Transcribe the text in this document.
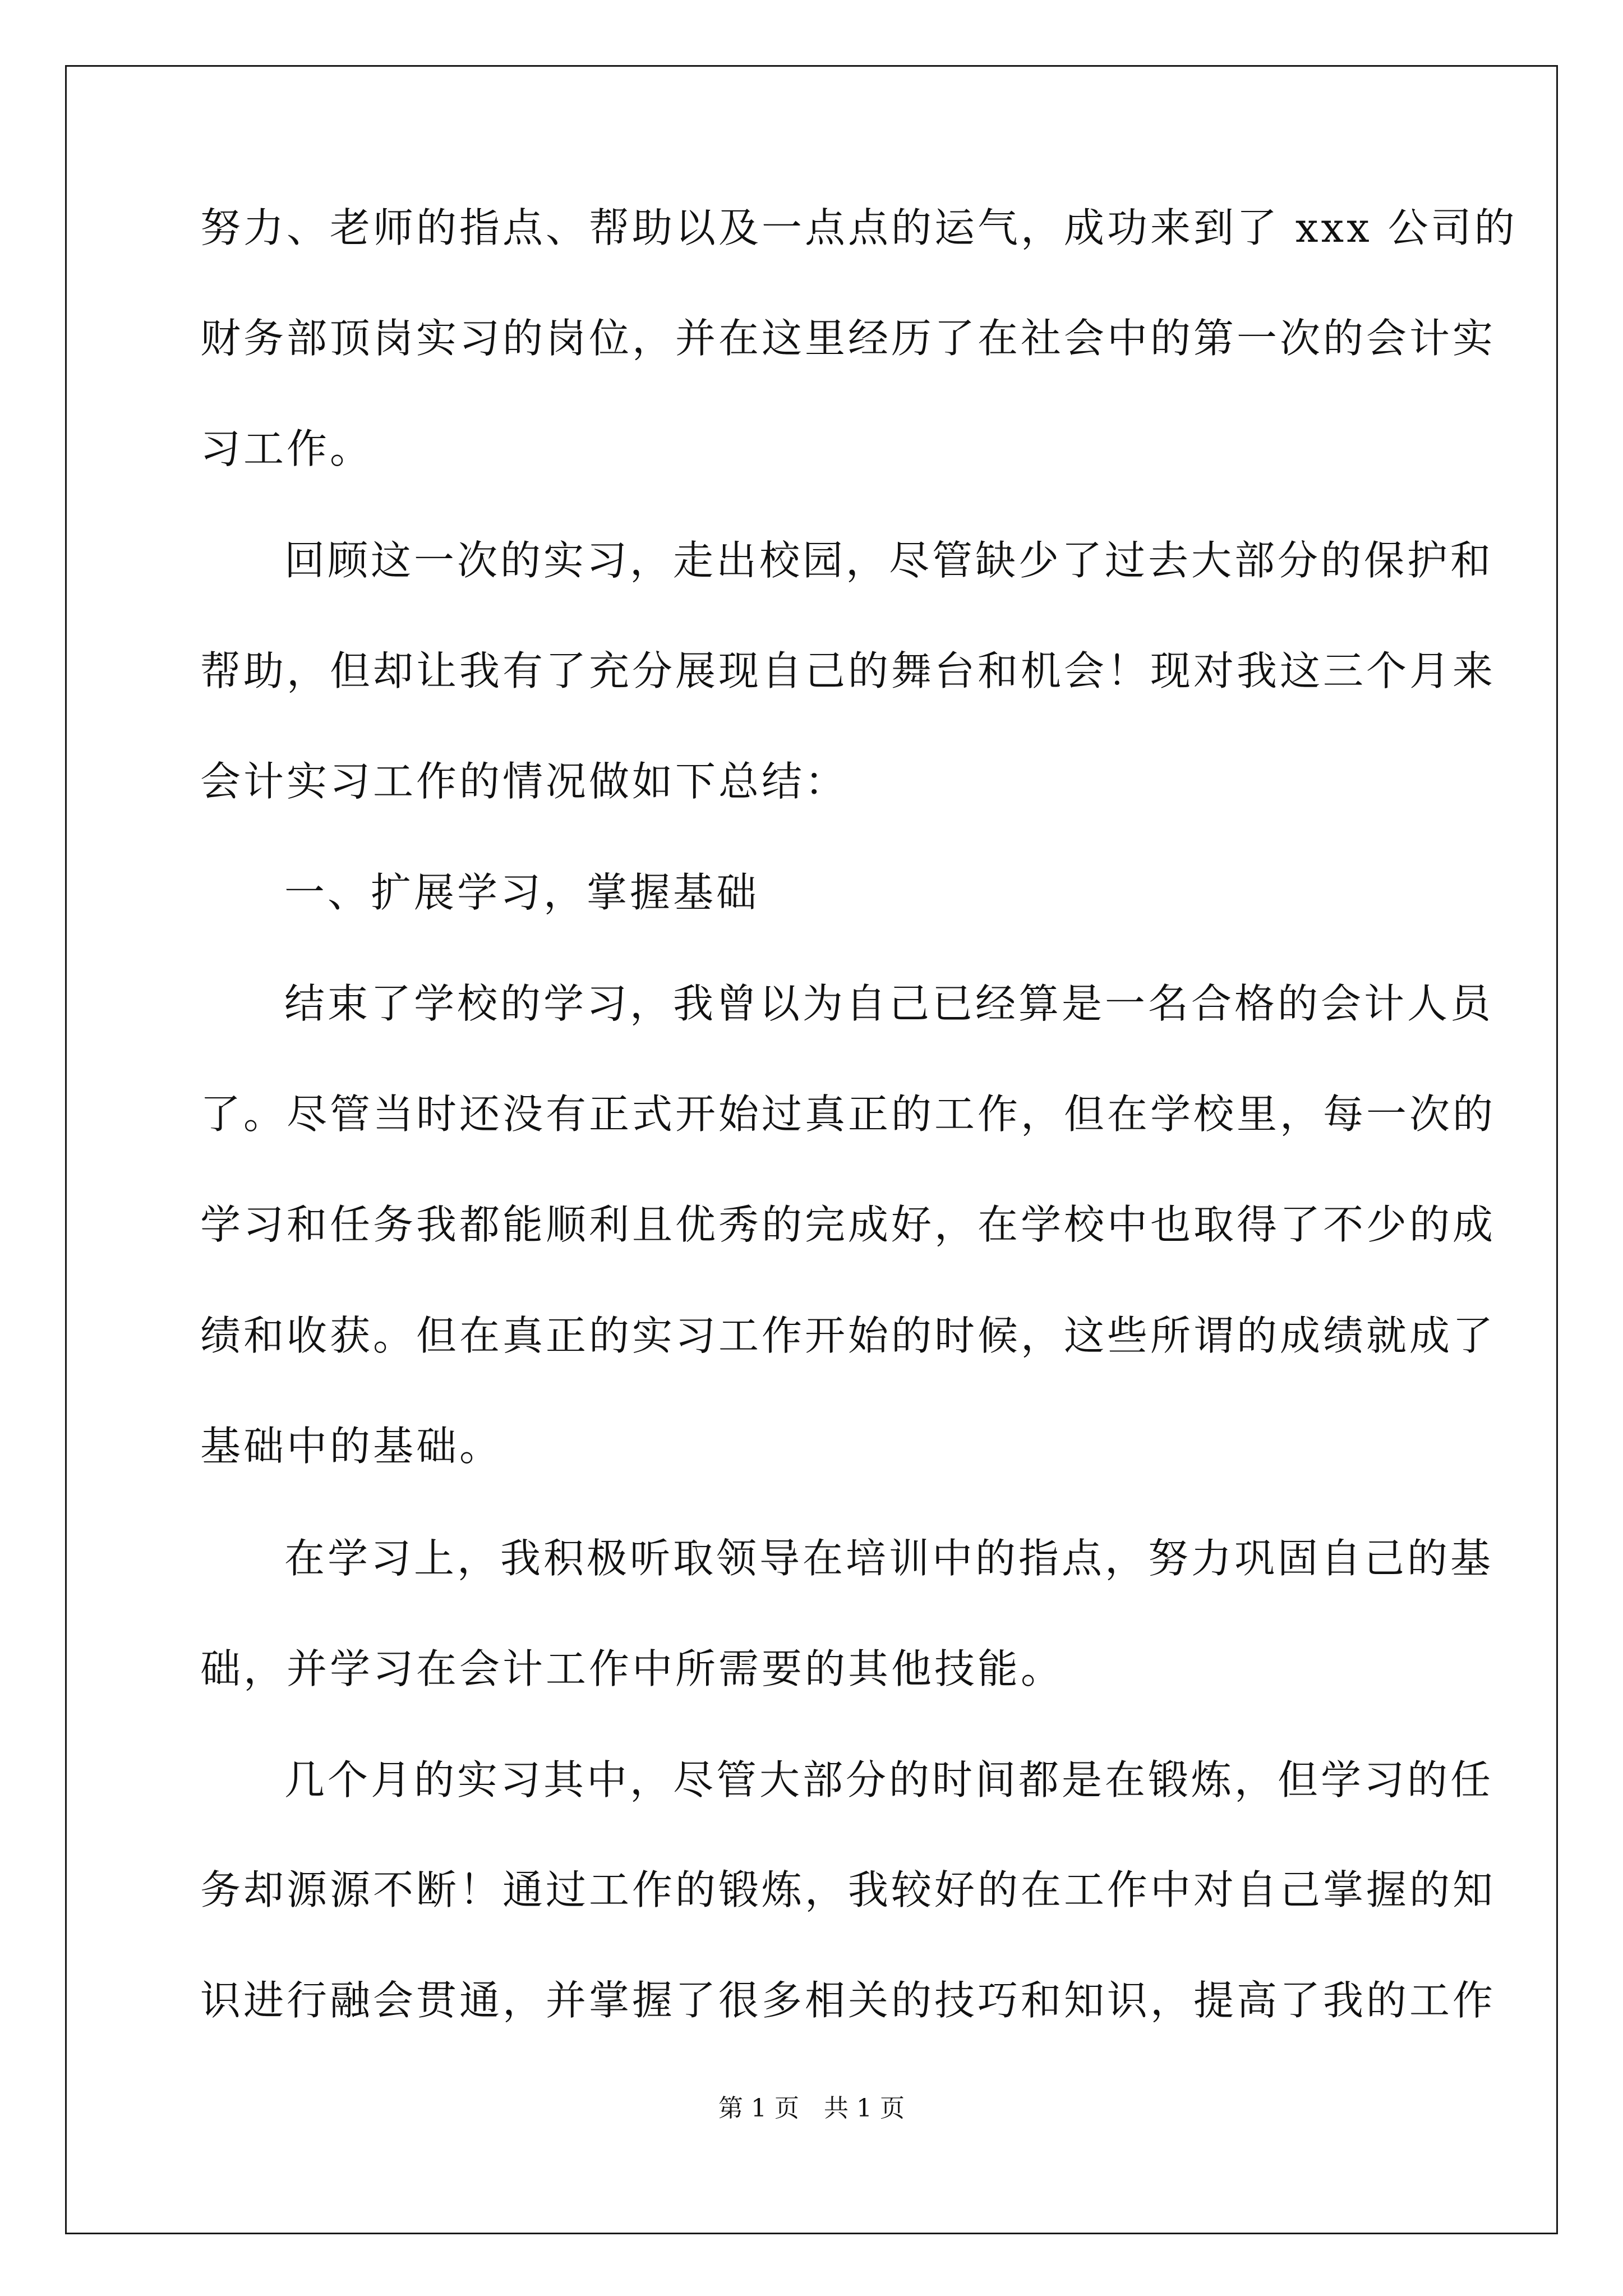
努力、老师的指点、帮助以及一点点的运气，成功来到了 xxx 公司的
财务部顶岗实习的岗位，并在这里经历了在社会中的第一次的会计实
习工作。
回顾这一次的实习，走出校园，尽管缺少了过去大部分的保护和
帮助，但却让我有了充分展现自己的舞台和机会！现对我这三个月来
会计实习工作的情况做如下总结：
一、扩展学习，掌握基础
结束了学校的学习，我曾以为自己已经算是一名合格的会计人员
了。尽管当时还没有正式开始过真正的工作，但在学校里，每一次的
学习和任务我都能顺利且优秀的完成好，在学校中也取得了不少的成
绩和收获。但在真正的实习工作开始的时候，这些所谓的成绩就成了
基础中的基础。
在学习上，我积极听取领导在培训中的指点，努力巩固自己的基
础，并学习在会计工作中所需要的其他技能。
几个月的实习其中，尽管大部分的时间都是在锻炼，但学习的任
务却源源不断！通过工作的锻炼，我较好的在工作中对自己掌握的知
识进行融会贯通，并掌握了很多相关的技巧和知识，提高了我的工作
第 1 页　共 1 页
